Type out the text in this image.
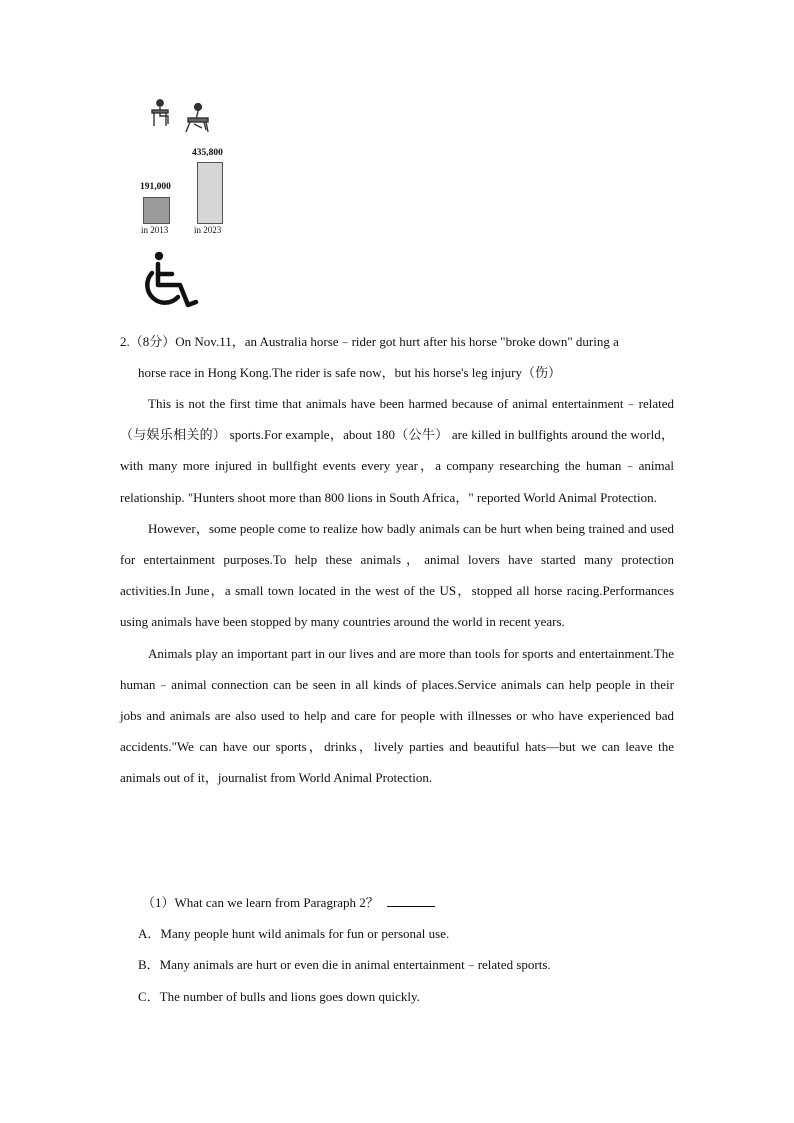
191,000
in 2013
435,800
in 2023
2.（8分）On Nov.11，an Australia horse﹣rider got hurt after his horse "broke down" during a
horse race in Hong Kong.The rider is safe now，but his horse's leg injury（伤）

This is not the first time that animals have been harmed because of animal entertainment﹣related（与娱乐相关的） sports.For example，about 180（公牛） are killed in bullfights around the world，with many more injured in bullfight events every year，a company researching the human﹣animal relationship. "Hunters shoot more than 800 lions in South Africa，" reported World Animal Protection.

However，some people come to realize how badly animals can be hurt when being trained and used for entertainment purposes.To help these animals，animal lovers have started many protection activities.In June，a small town located in the west of the US，stopped all horse racing.Performances using animals have been stopped by many countries around the world in recent years.

Animals play an important part in our lives and are more than tools for sports and entertainment.The human﹣animal connection can be seen in all kinds of places.Service animals can help people in their jobs and animals are also used to help and care for people with illnesses or who have experienced bad accidents."We can have our sports，drinks，lively parties and beautiful hats—but we can leave the animals out of it，journalist from World Animal Protection.

（1）What can we learn from Paragraph 2？
A．Many people hunt wild animals for fun or personal use.
B．Many animals are hurt or even die in animal entertainment﹣related sports.
C．The number of bulls and lions goes down quickly.
